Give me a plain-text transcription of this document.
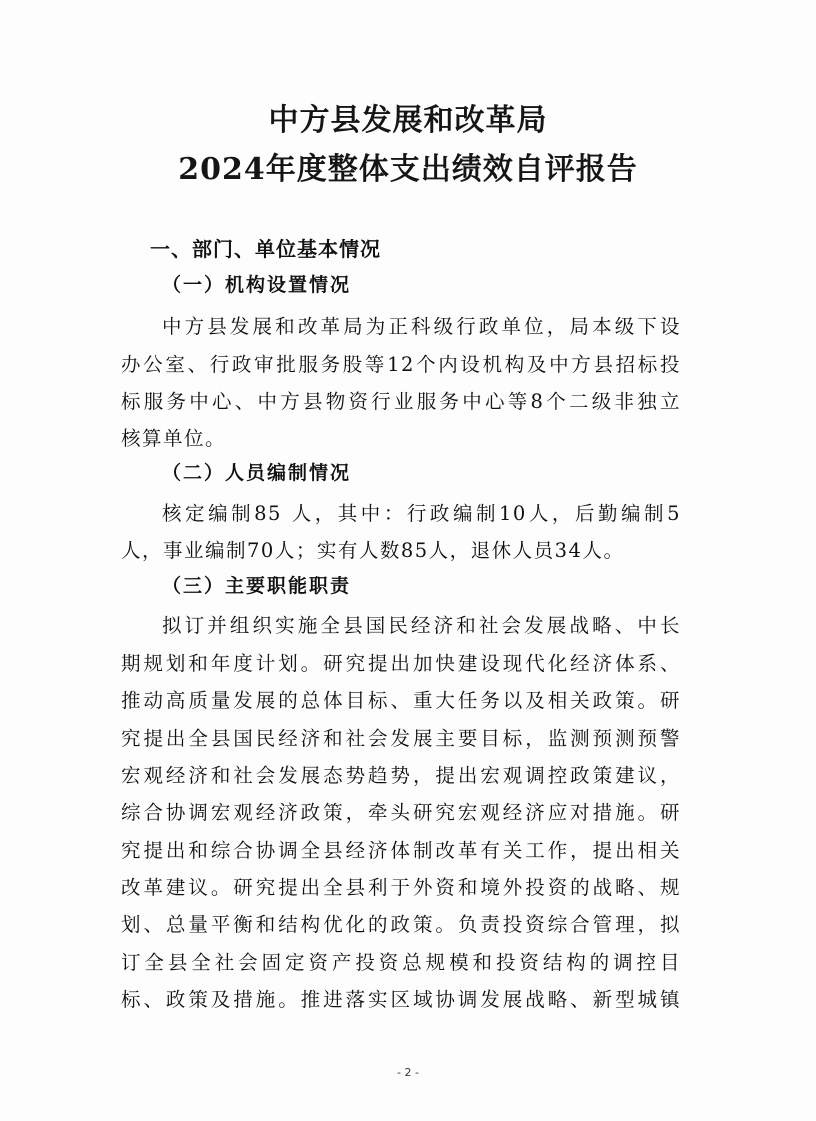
中方县发展和改革局
2024年度整体支出绩效自评报告
一、部门、单位基本情况
（一）机构设置情况
中方县发展和改革局为正科级行政单位，局本级下设
办公室、行政审批服务股等12个内设机构及中方县招标投
标服务中心、中方县物资行业服务中心等8个二级非独立
核算单位。
（二）人员编制情况
核定编制85 人，其中：行政编制10人，后勤编制5
人，事业编制70人；实有人数85人，退休人员34人。
（三）主要职能职责
拟订并组织实施全县国民经济和社会发展战略、中长
期规划和年度计划。研究提出加快建设现代化经济体系、
推动高质量发展的总体目标、重大任务以及相关政策。研
究提出全县国民经济和社会发展主要目标，监测预测预警
宏观经济和社会发展态势趋势，提出宏观调控政策建议，
综合协调宏观经济政策，牵头研究宏观经济应对措施。研
究提出和综合协调全县经济体制改革有关工作，提出相关
改革建议。研究提出全县利于外资和境外投资的战略、规
划、总量平衡和结构优化的政策。负责投资综合管理，拟
订全县全社会固定资产投资总规模和投资结构的调控目
标、政策及措施。推进落实区域协调发展战略、新型城镇
- 2 -
